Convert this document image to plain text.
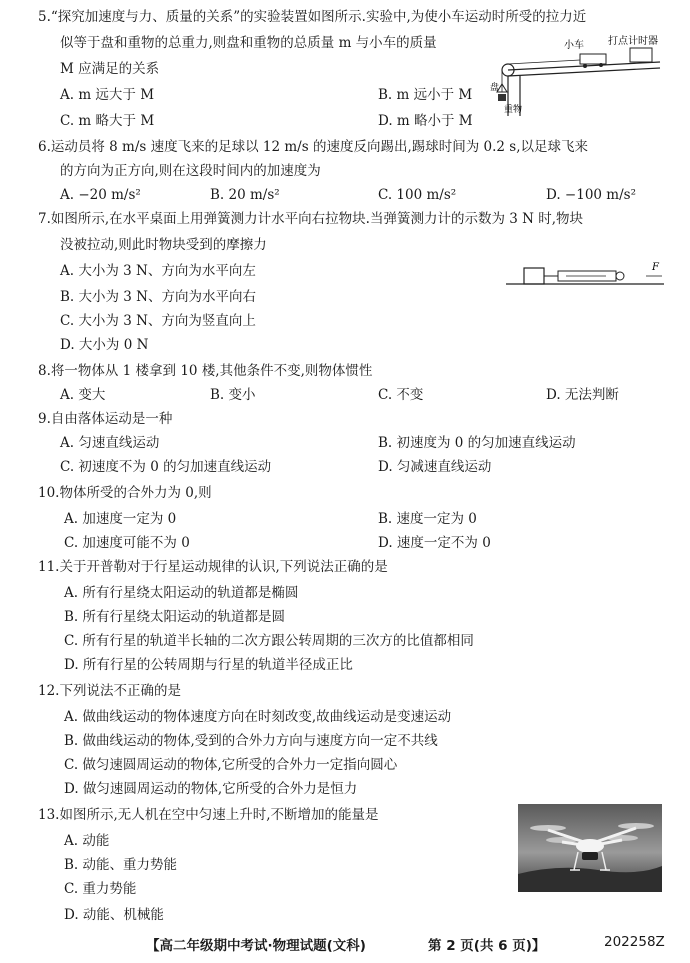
5.“探究加速度与力、质量的关系”的实验装置如图所示.实验中,为使小车运动时所受的拉力近
似等于盘和重物的总重力,则盘和重物的总质量 m 与小车的质量
M 应满足的关系
A. m 远大于 M	B. m 远小于 M
C. m 略大于 M	D. m 略小于 M
小车 打点计时器
盘
重物
6.运动员将 8 m/s 速度飞来的足球以 12 m/s 的速度反向踢出,踢球时间为 0.2 s,以足球飞来
的方向为正方向,则在这段时间内的加速度为
A. −20 m/s²	B. 20 m/s²	C. 100 m/s²	D. −100 m/s²
7.如图所示,在水平桌面上用弹簧测力计水平向右拉物块.当弹簧测力计的示数为 3 N 时,物块
没被拉动,则此时物块受到的摩擦力
A. 大小为 3 N、方向为水平向左
B. 大小为 3 N、方向为水平向右
C. 大小为 3 N、方向为竖直向上
D. 大小为 0 N
F
8.将一物体从 1 楼拿到 10 楼,其他条件不变,则物体惯性
A. 变大	B. 变小	C. 不变	D. 无法判断
9.自由落体运动是一种
A. 匀速直线运动	B. 初速度为 0 的匀加速直线运动
C. 初速度不为 0 的匀加速直线运动	D. 匀减速直线运动
10.物体所受的合外力为 0,则
A. 加速度一定为 0	B. 速度一定为 0
C. 加速度可能不为 0	D. 速度一定不为 0
11.关于开普勒对于行星运动规律的认识,下列说法正确的是
A. 所有行星绕太阳运动的轨道都是椭圆
B. 所有行星绕太阳运动的轨道都是圆
C. 所有行星的轨道半长轴的二次方跟公转周期的三次方的比值都相同
D. 所有行星的公转周期与行星的轨道半径成正比
12.下列说法不正确的是
A. 做曲线运动的物体速度方向在时刻改变,故曲线运动是变速运动
B. 做曲线运动的物体,受到的合外力方向与速度方向一定不共线
C. 做匀速圆周运动的物体,它所受的合外力一定指向圆心
D. 做匀速圆周运动的物体,它所受的合外力是恒力
13.如图所示,无人机在空中匀速上升时,不断增加的能量是
A. 动能
B. 动能、重力势能
C. 重力势能
D. 动能、机械能
【高二年级期中考试·物理试题(文科)	第 2 页(共 6 页)】	202258Z
